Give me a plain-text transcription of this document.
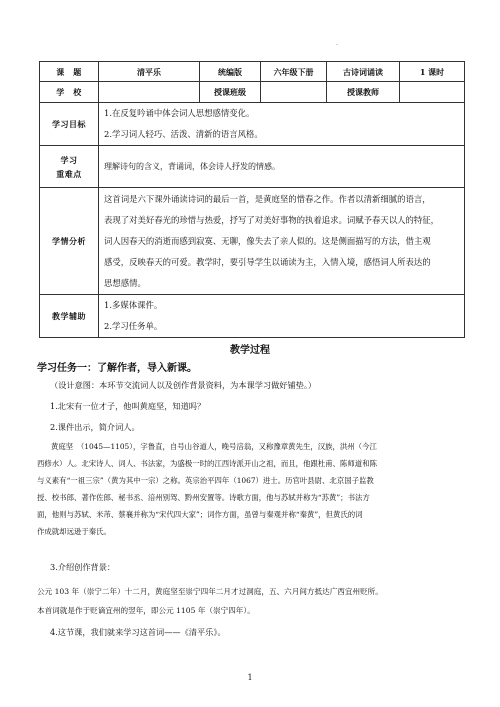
-
课　题	清平乐	统编版	六年级下册	古诗词诵读	1 课时
学　校		授课班级		授课教师	
学习目标	1.在反复吟诵中体会词人思想感情变化。
2.学习词人轻巧、活泼、清新的语言风格。				

学习
重难点	理解诗句的含义，背诵词，体会诗人抒发的情感。				
学情分析	这首词是六下课外诵读诗词的最后一首，是黄庭坚的惜春之作。作者以清新细腻的语言，
表现了对美好春光的珍惜与热爱，抒写了对美好事物的执着追求。词赋予春天以人的特征，
词人因春天的消逝而感到寂寞、无聊，像失去了亲人似的。这是侧面描写的方法，借主观
感受，反映春天的可爱。教学时，要引导学生以诵读为主，入情入境，感悟词人所表达的
思想感情。				

教学辅助	1.多媒体课件。
2.学习任务单。				
教学过程
学习任务一：了解作者，导入新课。
（设计意图：本环节交流词人以及创作背景资料，为本课学习做好铺垫。）
1.北宋有一位才子，他叫黄庭坚，知道吗？
2.课件出示，简介词人。
黄庭坚　（1045—1105），字鲁直，自号山谷道人，晚号涪翁，又称豫章黄先生，汉族，洪州（今江
西修水）人。北宋诗人、词人、书法家，为盛极一时的江西诗派开山之祖，而且，他跟杜甫、陈师道和陈
与义素有“一祖三宗”（黄为其中一宗）之称。英宗治平四年（1067）进士。历官叶县尉、北京国子监教
授、校书郎、著作佐郎、秘书丞、涪州别驾、黔州安置等。诗歌方面，他与苏轼并称为“苏黄”；书法方
面，他则与苏轼、米芾、蔡襄并称为“宋代四大家”；词作方面，虽曾与秦观并称“秦黄”，但黄氏的词
作成就却远逊于秦氏。
3.介绍创作背景：
公元 103 年（崇宁二年）十二月，黄庭坚至崇宁四年二月才过洞庭，五、六月间方抵达广西宜州贬所。
本首词就是作于贬谪宜州的翌年，即公元 1105 年（崇宁四年）。
4.这节课，我们就来学习这首词——《清平乐》。
1
